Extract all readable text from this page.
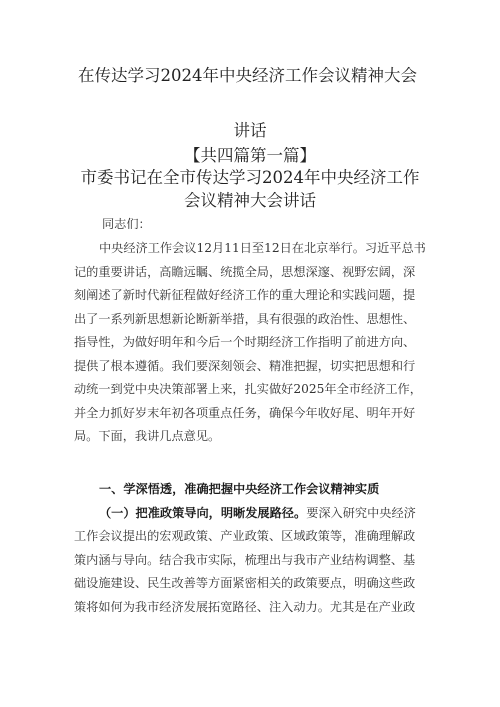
在传达学习2024年中央经济工作会议精神大会
讲话
【共四篇第一篇】
市委书记在全市传达学习2024年中央经济工作
会议精神大会讲话
同志们：
中央经济工作会议12月11日至12日在北京举行。习近平总书
记的重要讲话，高瞻远瞩、统揽全局，思想深邃、视野宏阔，深
刻阐述了新时代新征程做好经济工作的重大理论和实践问题，提
出了一系列新思想新论断新举措，具有很强的政治性、思想性、
指导性，为做好明年和今后一个时期经济工作指明了前进方向、
提供了根本遵循。我们要深刻领会、精准把握，切实把思想和行
动统一到党中央决策部署上来，扎实做好2025年全市经济工作，
并全力抓好岁末年初各项重点任务，确保今年收好尾、明年开好
局。下面，我讲几点意见。
一、学深悟透，准确把握中央经济工作会议精神实质
（一）把准政策导向，明晰发展路径。要深入研究中央经济
工作会议提出的宏观政策、产业政策、区域政策等，准确理解政
策内涵与导向。结合我市实际，梳理出与我市产业结构调整、基
础设施建设、民生改善等方面紧密相关的政策要点，明确这些政
策将如何为我市经济发展拓宽路径、注入动力。尤其是在产业政
